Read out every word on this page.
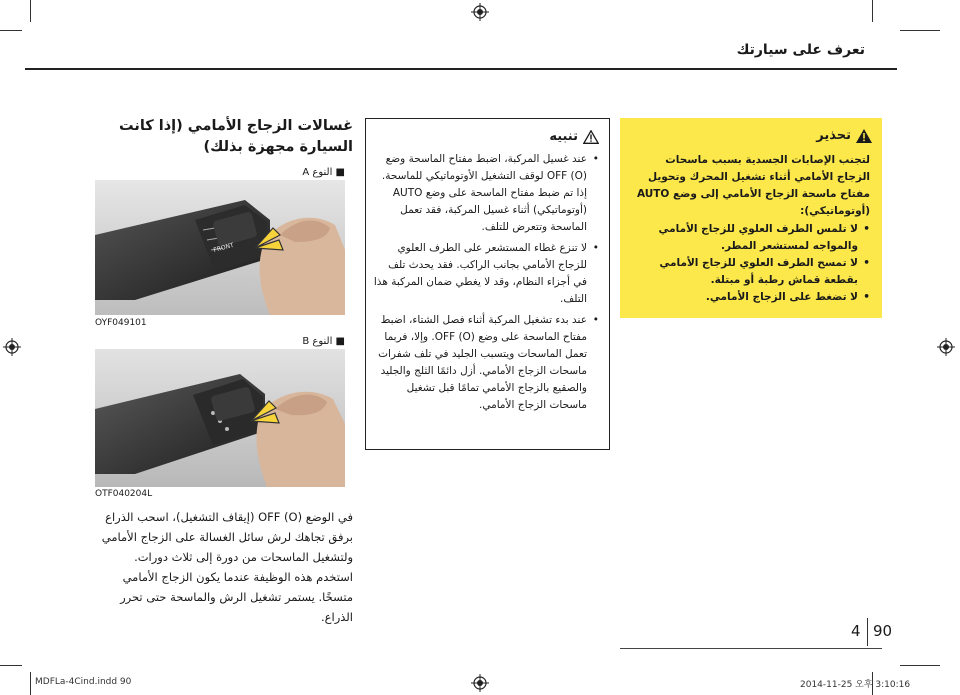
تعرف على سيارتك
تحذير
لتجنب الإصابات الجسدية بسبب ماسحات الزجاج الأمامي أثناء تشغيل المحرك وتحويل مفتاح ماسحة الزجاج الأمامي إلى وضع AUTO (أوتوماتيكي):
• لا تلمس الطرف العلوي للزجاج الأمامي والمواجه لمستشعر المطر.
• لا تمسح الطرف العلوي للزجاج الأمامي بقطعة قماش رطبة أو مبتلة.
• لا تضغط على الزجاج الأمامي.
تنبيه
• عند غسيل المركبة، اضبط مفتاح الماسحة وضع OFF (O) لوقف التشغيل الأوتوماتيكي للماسحة. إذا تم ضبط مفتاح الماسحة على وضع AUTO (أوتوماتيكي) أثناء غسيل المركبة، فقد تعمل الماسحة وتتعرض للتلف.
• لا تنزع غطاء المستشعر على الطرف العلوي للزجاج الأمامي بجانب الراكب. فقد يحدث تلف في أجزاء النظام، وقد لا يغطي ضمان المركبة هذا التلف.
• عند بدء تشغيل المركبة أثناء فصل الشتاء، اضبط مفتاح الماسحة على وضع OFF (O). وإلا، فربما تعمل الماسحات ويتسبب الجليد في تلف شفرات ماسحات الزجاج الأمامي. أزل دائمًا الثلج والجليد والصقيع بالزجاج الأمامي تمامًا قبل تشغيل ماسحات الزجاج الأمامي.
غسالات الزجاج الأمامي (إذا كانت السيارة مجهزة بذلك)
■ النوع A
FRONT
OYF049101
■ النوع B
OTF040204L
في الوضع (O) OFF (إيقاف التشغيل)، اسحب الذراع برفق تجاهك لرش سائل الغسالة على الزجاج الأمامي ولتشغيل الماسحات من دورة إلى ثلاث دورات. استخدم هذه الوظيفة عندما يكون الزجاج الأمامي متسخًا. يستمر تشغيل الرش والماسحة حتى تحرر الذراع.
4 90
MDFLa-4Cind.indd 90	2014-11-25 오후 3:10:16
